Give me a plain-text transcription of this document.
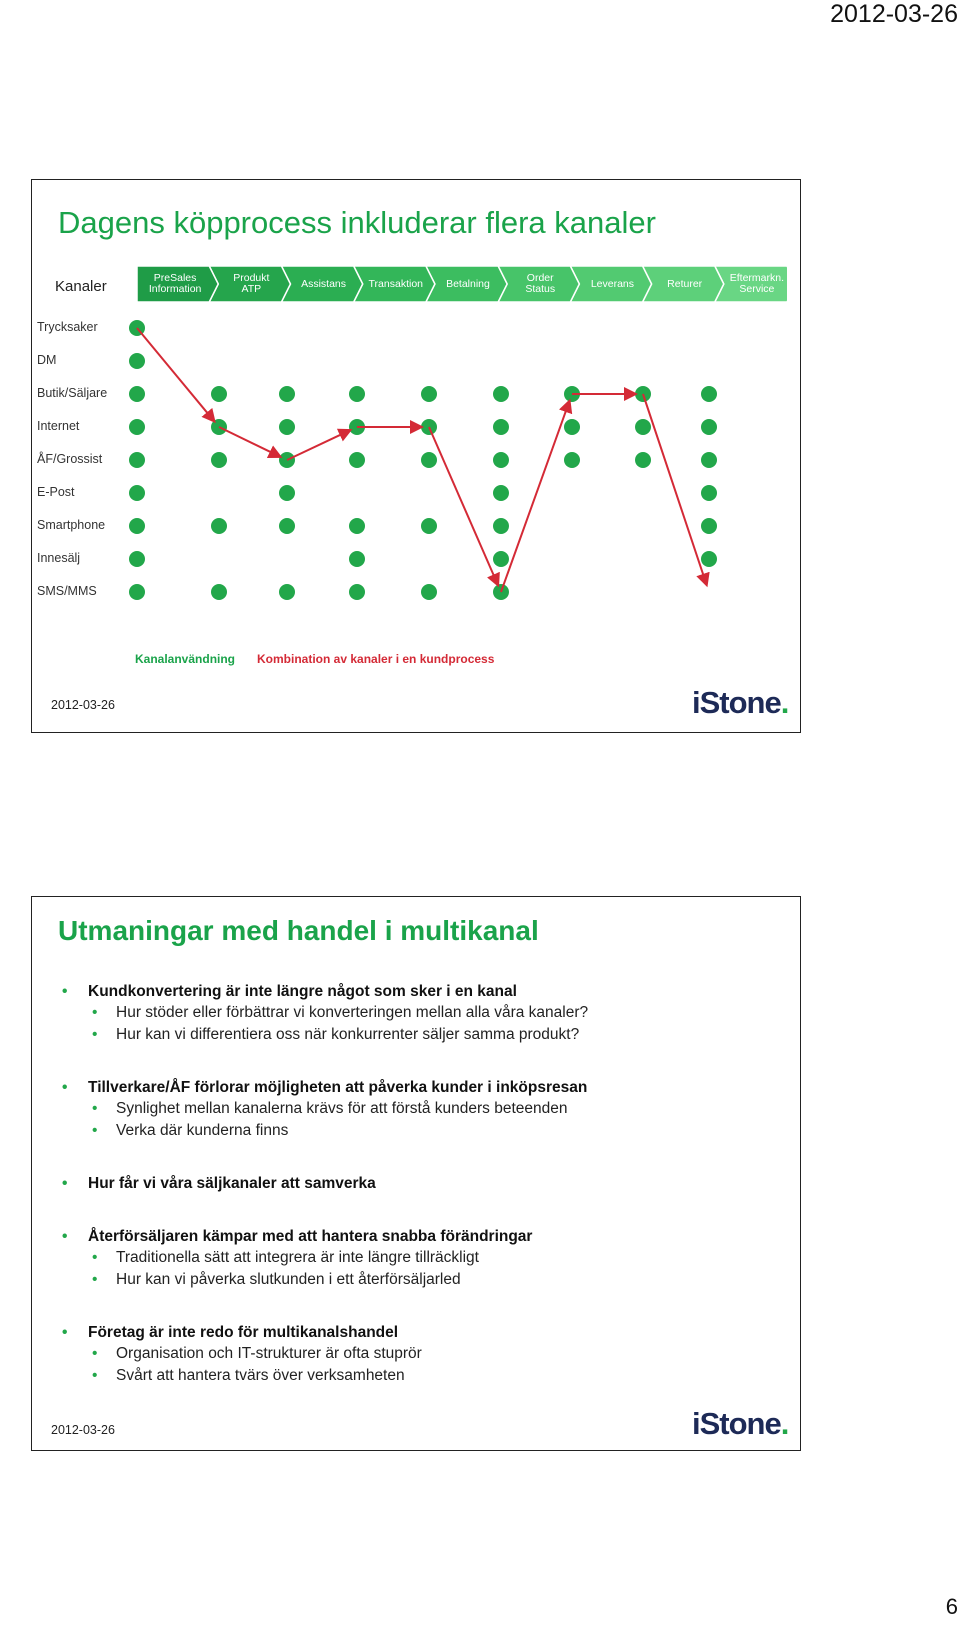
2012-03-26
Dagens köpprocess inkluderar flera kanaler
Kanaler	PreSales
Information
Produkt
ATP	Assistans	Transaktion	Betalning	Order
Status	Leverans	Returer	Eftermarkn.
Service
Trycksaker
DM
Butik/Säljare
Internet
ÅF/Grossist
E-Post
Smartphone
Innesälj
SMS/MMS
Kanalanvändning Kombination av kanaler i en kundprocess
2012-03-26	iStone.
Utmaningar med handel i multikanal

• Kundkonvertering är inte längre något som sker i en kanal

• Hur stöder eller förbättrar vi konverteringen mellan alla våra kanaler?

• Hur kan vi differentiera oss när konkurrenter säljer samma produkt?

• Tillverkare/ÅF förlorar möjligheten att påverka kunder i inköpsresan

• Synlighet mellan kanalerna krävs för att förstå kunders beteenden

• Verka där kunderna finns

• Hur får vi våra säljkanaler att samverka

• Återförsäljaren kämpar med att hantera snabba förändringar

• Traditionella sätt att integrera är inte längre tillräckligt

• Hur kan vi påverka slutkunden i ett återförsäljarled

• Företag är inte redo för multikanalshandel

• Organisation och IT-strukturer är ofta stuprör

• Svårt att hantera tvärs över verksamheten

2012-03-26	iStone.
6
